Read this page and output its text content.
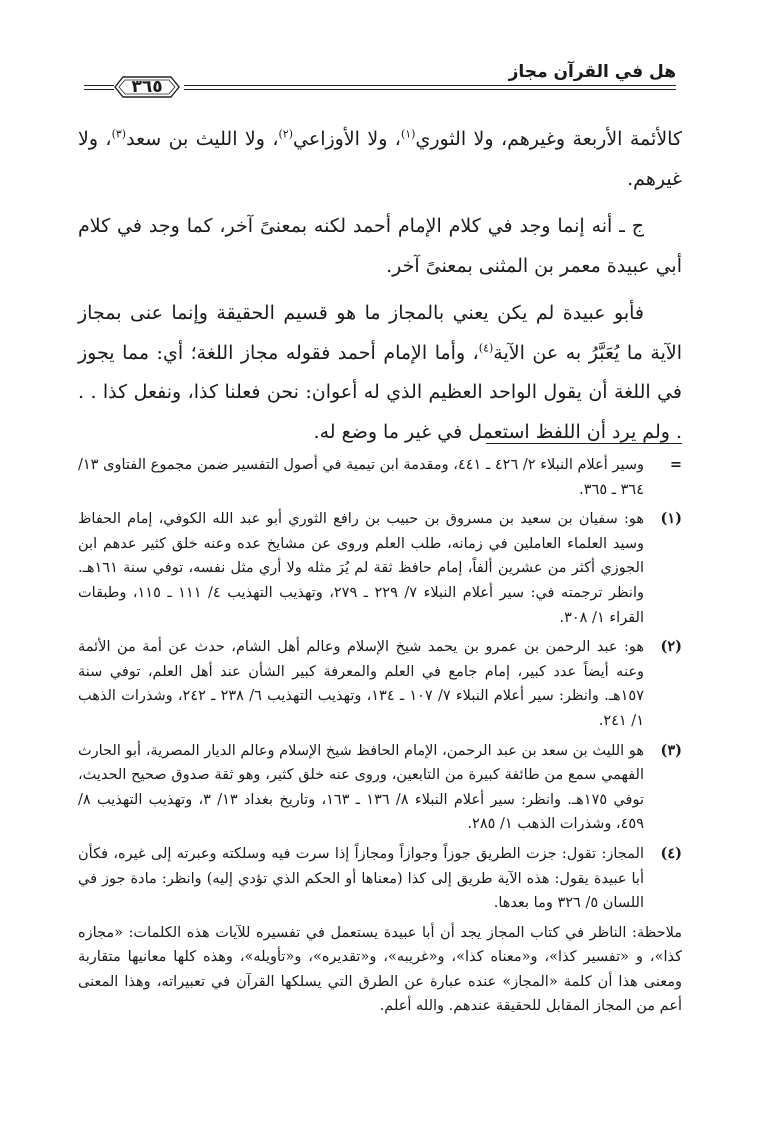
هل في القرآن مجاز
٣٦٥

كالأئمة الأربعة وغيرهم، ولا الثوري$^{(١)}$، ولا الأوزاعي$^{(٢)}$، ولا الليث بن سعد$^{(٣)}$، ولا غيرهم.

ج ـ أنه إنما وجد في كلام الإمام أحمد لكنه بمعنىً آخر، كما وجد في كلام أبي عبيدة معمر بن المثنى بمعنىً آخر.

فأبو عبيدة لم يكن يعني بالمجاز ما هو قسيم الحقيقة وإنما عنى بمجاز الآية ما يُعَبَّرُ به عن الآية$^{(٤)}$، وأما الإمام أحمد فقوله مجاز اللغة؛ أي: مما يجوز في اللغة أن يقول الواحد العظيم الذي له أعوان: نحن فعلنا كذا، ونفعل كذا . . . ولم يرد أن اللفظ استعمل في غير ما وضع له.

=
وسير أعلام النبلاء ٢/ ٤٢٦ ـ ٤٤١، ومقدمة ابن تيمية في أصول التفسير ضمن مجموع الفتاوى ١٣/ ٣٦٤ ـ ٣٦٥.
(١)
هو: سفيان بن سعيد بن مسروق بن حبيب بن رافع الثوري أبو عبد الله الكوفي، إمام الحفاظ وسيد العلماء العاملين في زمانه، طلب العلم وروى عن مشايخ عده وعنه خلق كثير عدهم ابن الجوزي أكثر من عشرين ألفاً، إمام حافظ ثقة لم يُرَ مثله ولا أري مثل نفسه، توفي سنة ١٦١هـ. وانظر ترجمته في: سير أعلام النبلاء ٧/ ٢٢٩ ـ ٢٧٩، وتهذيب التهذيب ٤/ ١١١ ـ ١١٥، وطبقات القراء ١/ ٣٠٨.
(٢)
هو: عبد الرحمن بن عمرو بن يحمد شيخ الإسلام وعالم أهل الشام، حدث عن أمة من الأئمة وعنه أيضاً عدد كبير، إمام جامع في العلم والمعرفة كبير الشأن عند أهل العلم، توفي سنة ١٥٧هـ. وانظر: سير أعلام النبلاء ٧/ ١٠٧ ـ ١٣٤، وتهذيب التهذيب ٦/ ٢٣٨ ـ ٢٤٢، وشذرات الذهب ١/ ٢٤١.
(٣)
هو الليث بن سعد بن عبد الرحمن، الإمام الحافظ شيخ الإسلام وعالم الديار المصرية، أبو الحارث الفهمي سمع من طائفة كبيرة من التابعين، وروى عنه خلق كثير، وهو ثقة صدوق صحيح الحديث، توفي ١٧٥هـ. وانظر: سير أعلام النبلاء ٨/ ١٣٦ ـ ١٦٣، وتاريخ بغداد ١٣/ ٣، وتهذيب التهذيب ٨/ ٤٥٩، وشذرات الذهب ١/ ٢٨٥.
(٤)
المجاز: تقول: جزت الطريق جوزاً وجوازاً ومجازاً إذا سرت فيه وسلكته وعبرته إلى غيره، فكأن أبا عبيدة يقول: هذه الآية طريق إلى كذا (معناها أو الحكم الذي تؤدي إليه) وانظر: مادة جوز في اللسان ٥/ ٣٢٦ وما بعدها.

ملاحظة: الناظر في كتاب المجاز يجد أن أبا عبيدة يستعمل في تفسيره للآيات هذه الكلمات: «مجازه كذا»، و «تفسير كذا»، و«معناه كذا»، و«غريبه»، و«تقديره»، و«تأويله»، وهذه كلها معانيها متقاربة ومعنى هذا أن كلمة «المجاز» عنده عبارة عن الطرق التي يسلكها القرآن في تعبيراته، وهذا المعنى أعم من المجاز المقابل للحقيقة عندهم. والله أعلم.
